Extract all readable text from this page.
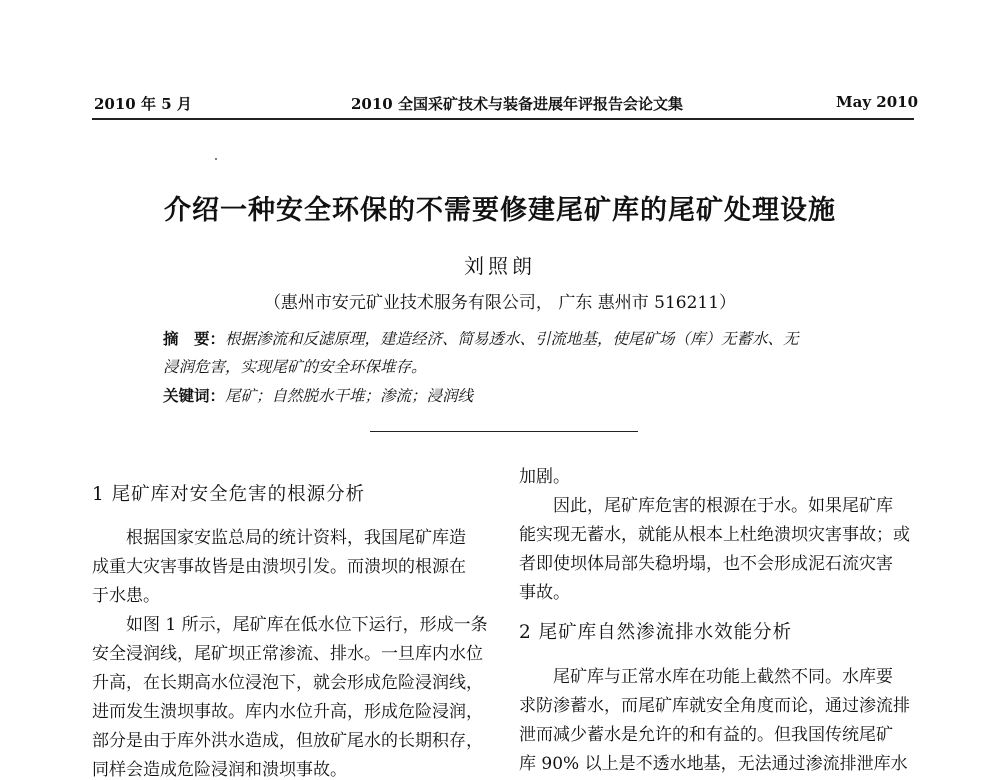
2010 年 5 月	2010 全国采矿技术与装备进展年评报告会论文集	May 2010
介绍一种安全环保的不需要修建尾矿库的尾矿处理设施
刘照朗
（惠州市安元矿业技术服务有限公司， 广东 惠州市 516211）
摘　要：根据渗流和反滤原理，建造经济、简易透水、引流地基，使尾矿场（库）无蓄水、无
浸润危害，实现尾矿的安全环保堆存。
关键词：尾矿；自然脱水干堆；渗流；浸润线
1 尾矿库对安全危害的根源分析
　　根据国家安监总局的统计资料，我国尾矿库造
成重大灾害事故皆是由溃坝引发。而溃坝的根源在
于水患。
　　如图 1 所示，尾矿库在低水位下运行，形成一条
安全浸润线，尾矿坝正常渗流、排水。一旦库内水位
升高，在长期高水位浸泡下，就会形成危险浸润线，
进而发生溃坝事故。库内水位升高，形成危险浸润，
部分是由于库外洪水造成，但放矿尾水的长期积存，
同样会造成危险浸润和溃坝事故。
加剧。
　　因此，尾矿库危害的根源在于水。如果尾矿库
能实现无蓄水，就能从根本上杜绝溃坝灾害事故；或
者即使坝体局部失稳坍塌，也不会形成泥石流灾害
事故。
2 尾矿库自然渗流排水效能分析
　　尾矿库与正常水库在功能上截然不同。水库要
求防渗蓄水，而尾矿库就安全角度而论，通过渗流排
泄而减少蓄水是允许的和有益的。但我国传统尾矿
库 90% 以上是不透水地基，无法通过渗流排泄库水
